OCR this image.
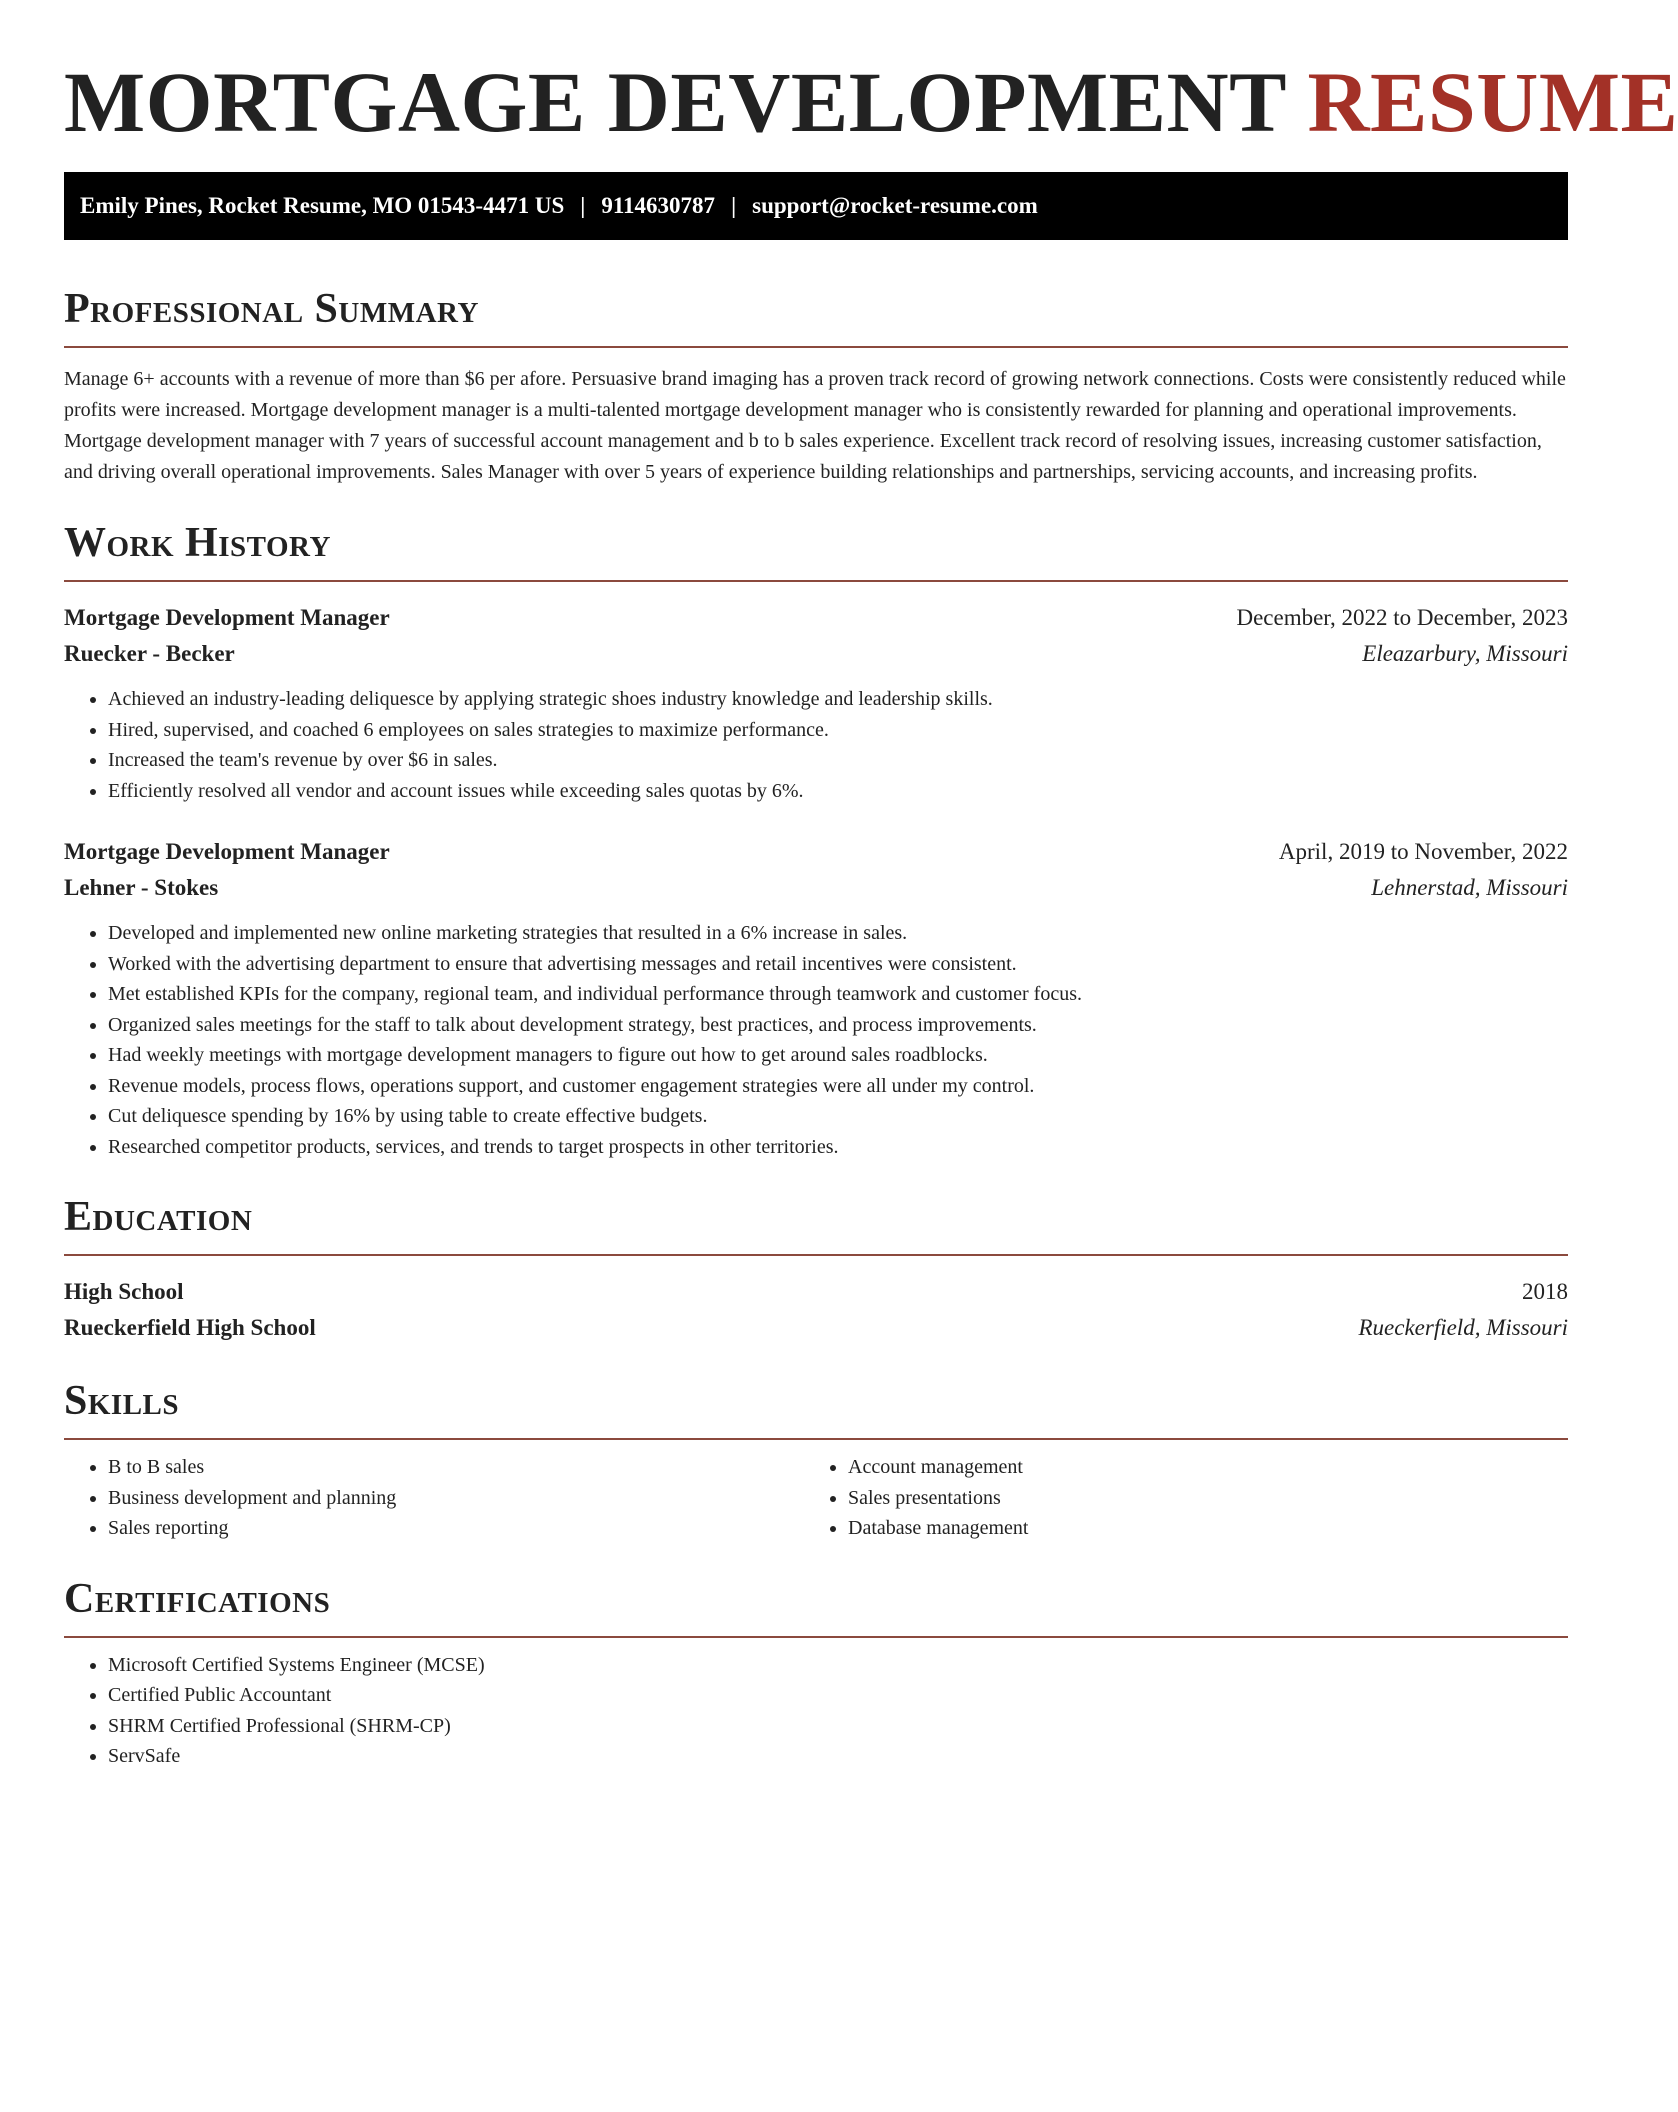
MORTGAGE DEVELOPMENT RESUME
Emily Pines, Rocket Resume, MO 01543-4471 US | 9114630787 | support@rocket-resume.com
Professional Summary

Manage 6+ accounts with a revenue of more than $6 per afore. Persuasive brand imaging has a proven track record of growing network connections. Costs were consistently reduced while profits were increased. Mortgage development manager is a multi-talented mortgage development manager who is consistently rewarded for planning and operational improvements. Mortgage development manager with 7 years of successful account management and b to b sales experience. Excellent track record of resolving issues, increasing customer satisfaction, and driving overall operational improvements. Sales Manager with over 5 years of experience building relationships and partnerships, servicing accounts, and increasing profits.

Work History
Mortgage Development Manager	December, 2022 to December, 2023
Ruecker - Becker	Eleazarbury, Missouri
• Achieved an industry-leading deliquesce by applying strategic shoes industry knowledge and leadership skills.
• Hired, supervised, and coached 6 employees on sales strategies to maximize performance.
• Increased the team's revenue by over $6 in sales.
• Efficiently resolved all vendor and account issues while exceeding sales quotas by 6%.
Mortgage Development Manager	April, 2019 to November, 2022
Lehner - Stokes	Lehnerstad, Missouri
• Developed and implemented new online marketing strategies that resulted in a 6% increase in sales.
• Worked with the advertising department to ensure that advertising messages and retail incentives were consistent.
• Met established KPIs for the company, regional team, and individual performance through teamwork and customer focus.
• Organized sales meetings for the staff to talk about development strategy, best practices, and process improvements.
• Had weekly meetings with mortgage development managers to figure out how to get around sales roadblocks.
• Revenue models, process flows, operations support, and customer engagement strategies were all under my control.
• Cut deliquesce spending by 16% by using table to create effective budgets.
• Researched competitor products, services, and trends to target prospects in other territories.
Education
High School	2018
Rueckerfield High School	Rueckerfield, Missouri
Skills
• B to B sales
• Business development and planning
• Sales reporting
• Account management
• Sales presentations
• Database management
Certifications
• Microsoft Certified Systems Engineer (MCSE)
• Certified Public Accountant
• SHRM Certified Professional (SHRM-CP)
• ServSafe
